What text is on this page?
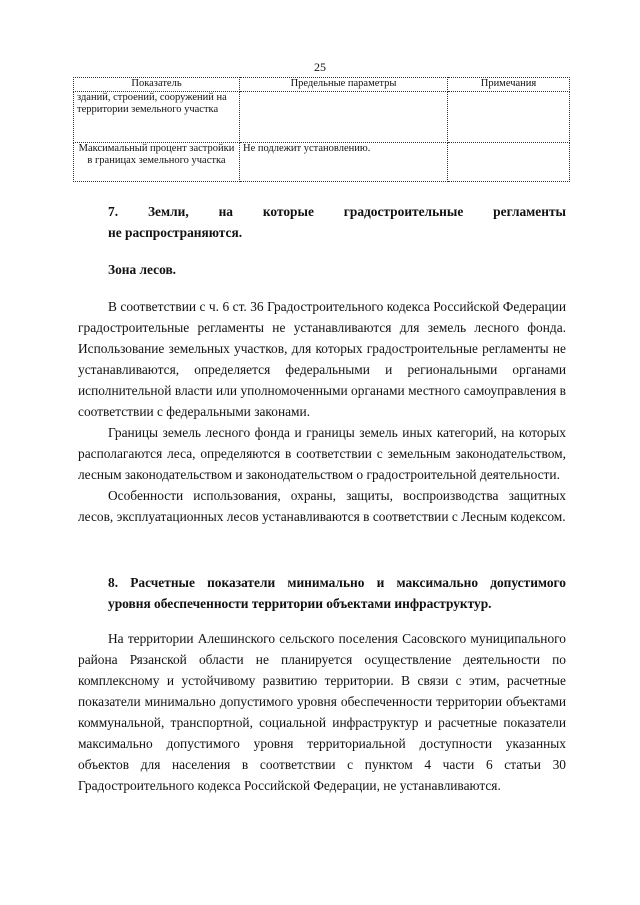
25
Показатель	Предельные параметры	Примечания
зданий, строений, сооружений на территории земельного участка		
Максимальный процент застройки в границах земельного участка	Не подлежит установлению.	

7. Земли, на которые градостроительные регламенты

не распространяются.

Зона лесов.

В соответствии с ч. 6 ст. 36 Градостроительного кодекса Российской Федерации градостроительные регламенты не устанавливаются для земель лесного фонда. Использование земельных участков, для которых градостроительные регламенты не устанавливаются, определяется федеральными и региональными органами исполнительной власти или уполномоченными органами местного самоуправления в соответствии с федеральными законами.

Границы земель лесного фонда и границы земель иных категорий, на которых располагаются леса, определяются в соответствии с земельным законодательством, лесным законодательством и законодательством о градостроительной деятельности.

Особенности использования, охраны, защиты, воспроизводства защитных лесов, эксплуатационных лесов устанавливаются в соответствии с Лесным кодексом.

8. Расчетные показатели минимально и максимально допустимого

уровня обеспеченности территории объектами инфраструктур.

На территории Алешинского сельского поселения Сасовского муниципального района Рязанской области не планируется осуществление деятельности по комплексному и устойчивому развитию территории. В связи с этим, расчетные показатели минимально допустимого уровня обеспеченности территории объектами коммунальной, транспортной, социальной инфраструктур и расчетные показатели максимально допустимого уровня территориальной доступности указанных объектов для населения в соответствии с пунктом 4 части 6 статьи 30 Градостроительного кодекса Российской Федерации, не устанавливаются.
